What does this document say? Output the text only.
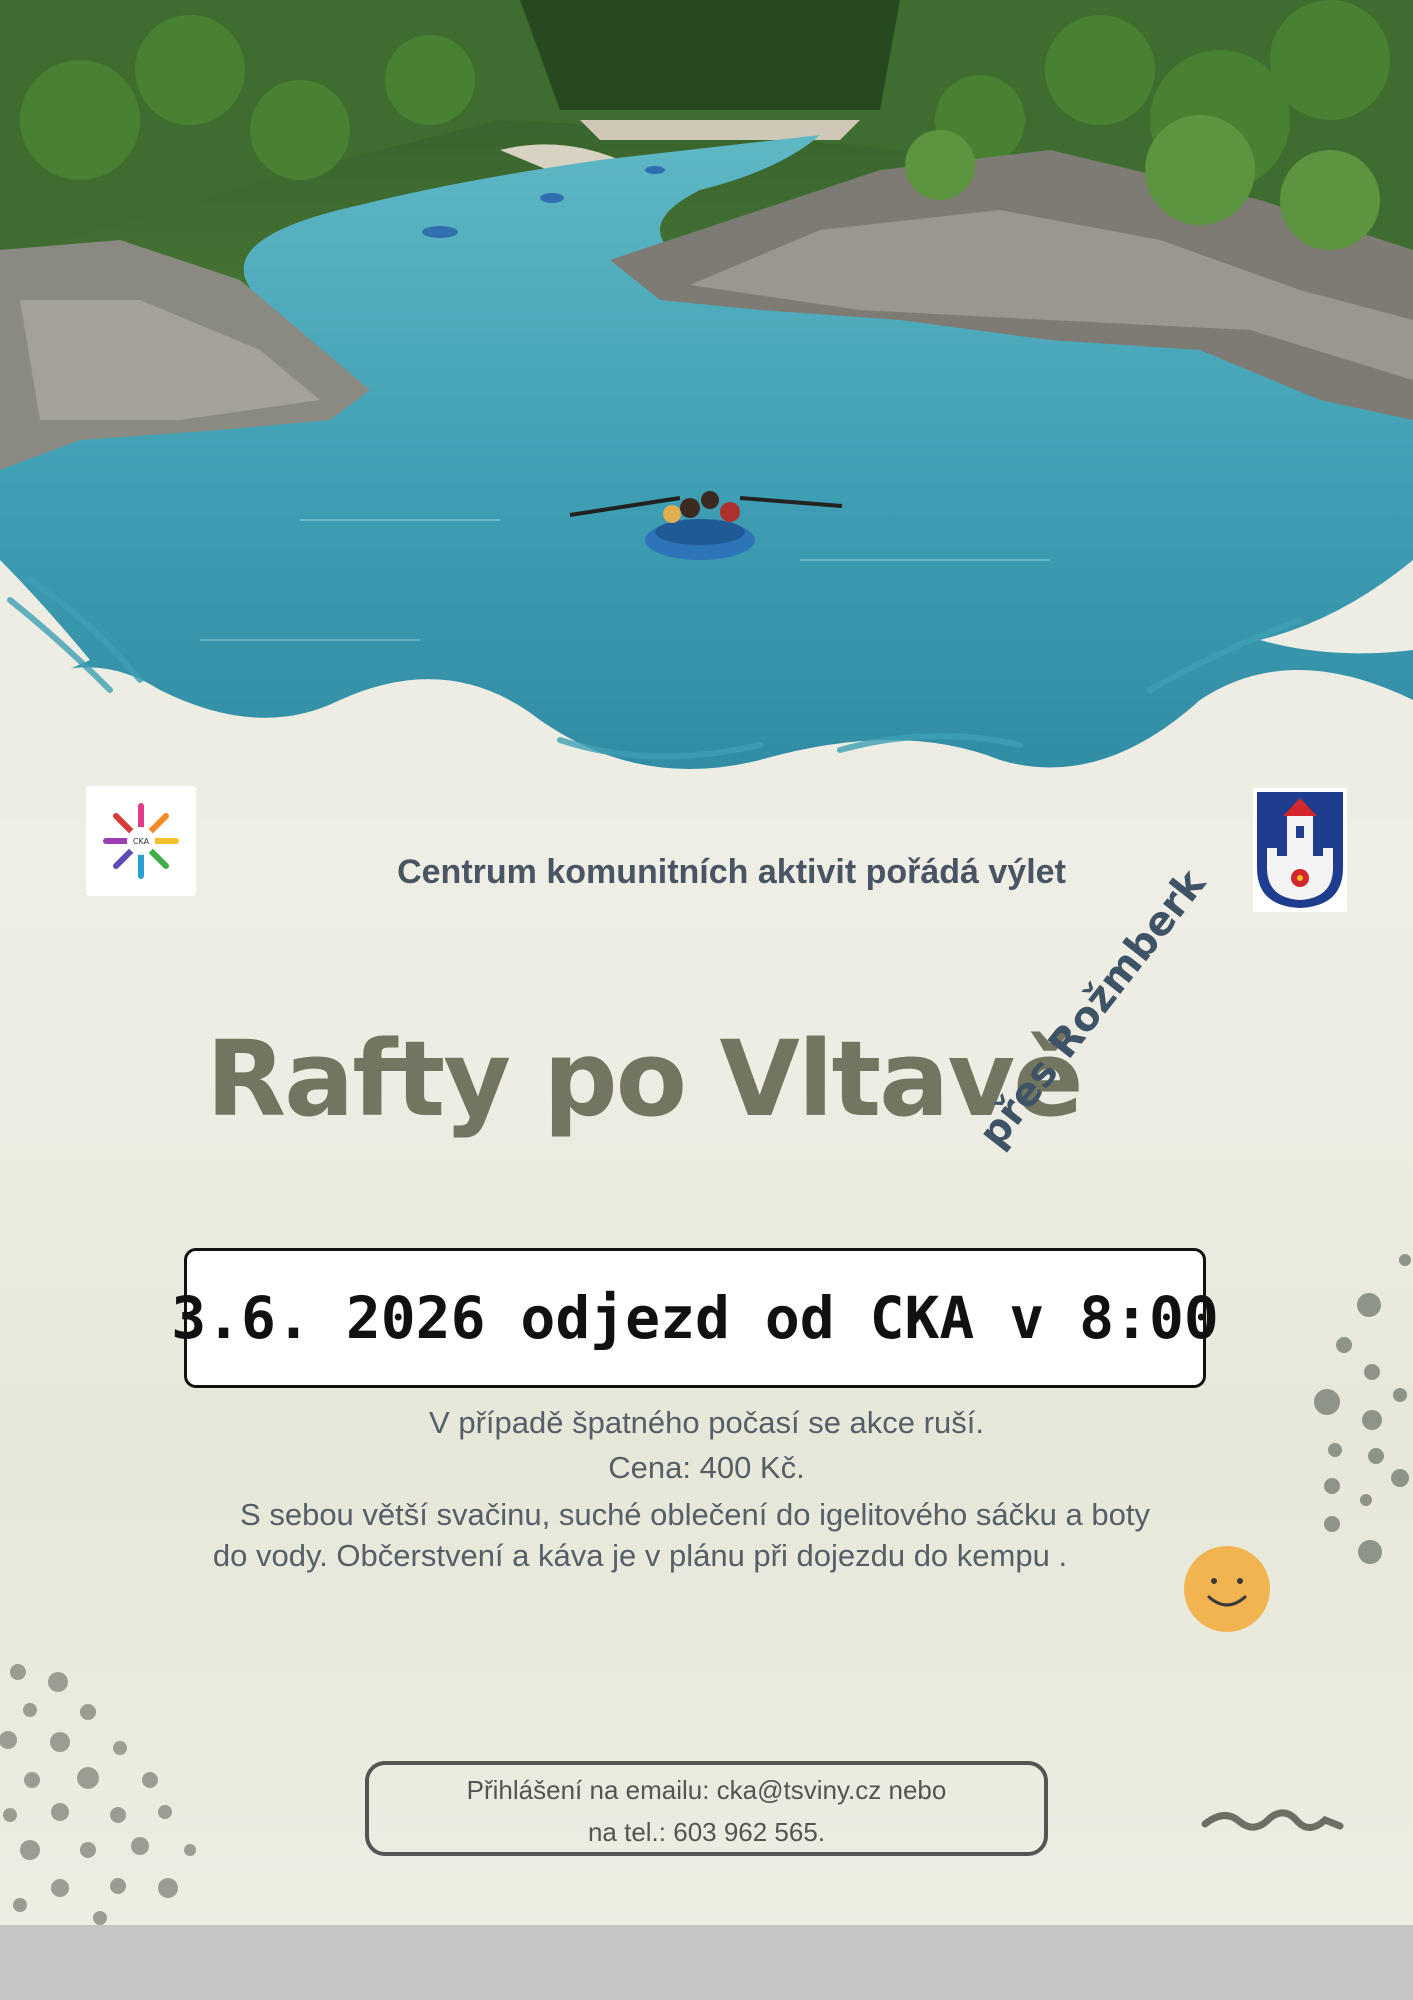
CKA
Centrum komunitních aktivit pořádá výlet
Rafty po Vltavě
přes Rožmberk
3.6. 2026 odjezd od CKA v 8:00
V případě špatného počasí se akce ruší.
Cena: 400 Kč.
S sebou větší svačinu, suché oblečení do igelitového sáčku a boty
do vody. Občerstvení a káva je v plánu při dojezdu do kempu .
Přihlášení na emailu: cka@tsviny.cz nebo
na tel.: 603 962 565.
